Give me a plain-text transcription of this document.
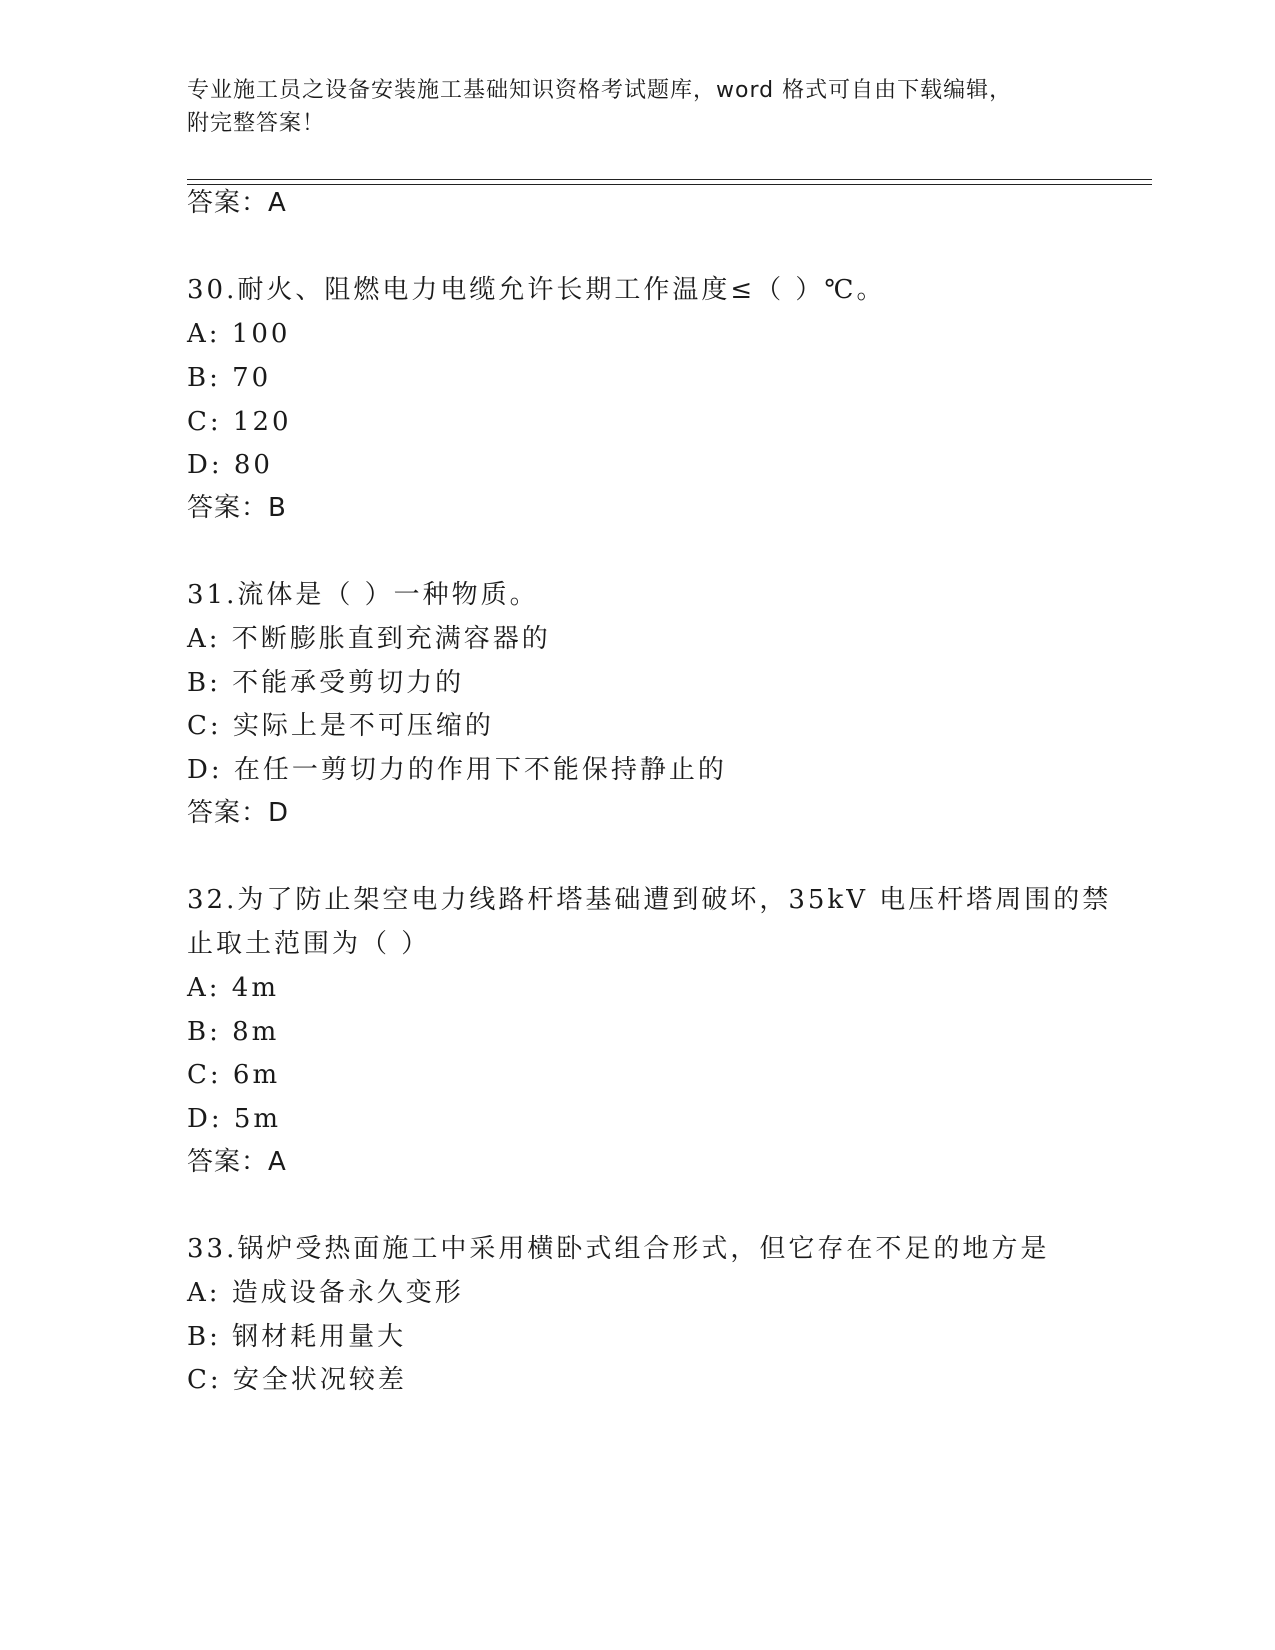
专业施工员之设备安装施工基础知识资格考试题库，word 格式可自由下载编辑，
附完整答案！
答案：A
30.耐火、阻燃电力电缆允许长期工作温度≤（ ）℃。
A: 100
B: 70
C: 120
D: 80
答案：B
31.流体是（ ）一种物质。
A: 不断膨胀直到充满容器的
B: 不能承受剪切力的
C: 实际上是不可压缩的
D: 在任一剪切力的作用下不能保持静止的
答案：D
32.为了防止架空电力线路杆塔基础遭到破坏，35kV 电压杆塔周围的禁
止取土范围为（ ）
A: 4m
B: 8m
C: 6m
D: 5m
答案：A
33.锅炉受热面施工中采用横卧式组合形式，但它存在不足的地方是
A: 造成设备永久变形
B: 钢材耗用量大
C: 安全状况较差
